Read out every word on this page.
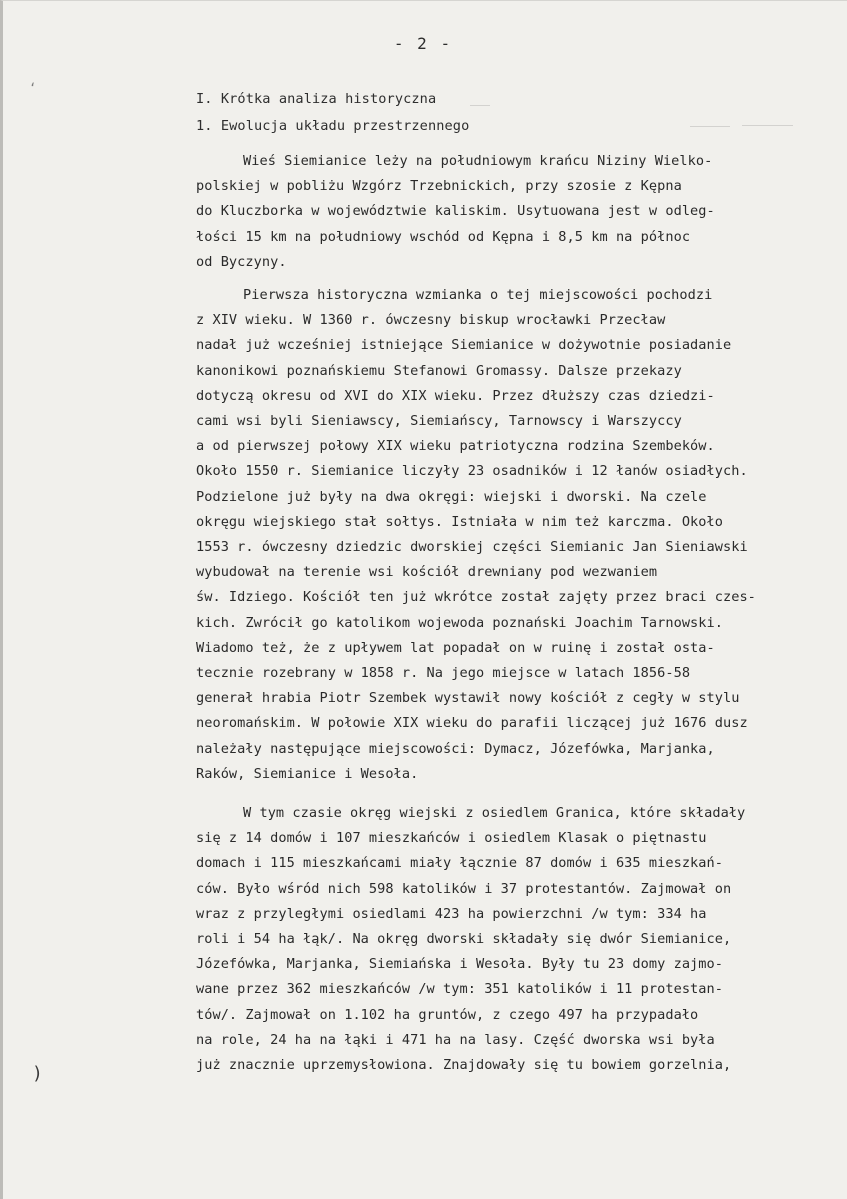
‘
)
- 2 -
I. Krótka analiza historyczna
1. Ewolucja układu przestrzennego
Wieś Siemianice leży na południowym krańcu Niziny Wielko-
polskiej w pobliżu Wzgórz Trzebnickich, przy szosie z Kępna
do Kluczborka w województwie kaliskim. Usytuowana jest w odleg-
łości 15 km na południowy wschód od Kępna i 8,5 km na północ
od Byczyny.
Pierwsza historyczna wzmianka o tej miejscowości pochodzi
z XIV wieku. W 1360 r. ówczesny biskup wrocławki Przecław
nadał już wcześniej istniejące Siemianice w dożywotnie posiadanie
kanonikowi poznańskiemu Stefanowi Gromassy. Dalsze przekazy
dotyczą okresu od XVI do XIX wieku. Przez dłuższy czas dziedzi-
cami wsi byli Sieniawscy, Siemiańscy, Tarnowscy i Warszyccy
a od pierwszej połowy XIX wieku patriotyczna rodzina Szembeków.
Około 1550 r. Siemianice liczyły 23 osadników i 12 łanów osiadłych.
Podzielone już były na dwa okręgi: wiejski i dworski. Na czele
okręgu wiejskiego stał sołtys. Istniała w nim też karczma. Około
1553 r. ówczesny dziedzic dworskiej części Siemianic Jan Sieniawski
wybudował na terenie wsi kościół drewniany pod wezwaniem
św. Idziego. Kościół ten już wkrótce został zajęty przez braci czes-
kich. Zwrócił go katolikom wojewoda poznański Joachim Tarnowski.
Wiadomo też, że z upływem lat popadał on w ruinę i został osta-
tecznie rozebrany w 1858 r. Na jego miejsce w latach 1856-58
generał hrabia Piotr Szembek wystawił nowy kościół z cegły w stylu
neoromańskim. W połowie XIX wieku do parafii liczącej już 1676 dusz
należały następujące miejscowości: Dymacz, Józefówka, Marjanka,
Raków, Siemianice i Wesoła.
W tym czasie okręg wiejski z osiedlem Granica, które składały
się z 14 domów i 107 mieszkańców i osiedlem Klasak o piętnastu
domach i 115 mieszkańcami miały łącznie 87 domów i 635 mieszkań-
ców. Było wśród nich 598 katolików i 37 protestantów. Zajmował on
wraz z przyległymi osiedlami 423 ha powierzchni /w tym: 334 ha
roli i 54 ha łąk/. Na okręg dworski składały się dwór Siemianice,
Józefówka, Marjanka, Siemiańska i Wesoła. Były tu 23 domy zajmo-
wane przez 362 mieszkańców /w tym: 351 katolików i 11 protestan-
tów/. Zajmował on 1.102 ha gruntów, z czego 497 ha przypadało
na role, 24 ha na łąki i 471 ha na lasy. Część dworska wsi była
już znacznie uprzemysłowiona. Znajdowały się tu bowiem gorzelnia,
